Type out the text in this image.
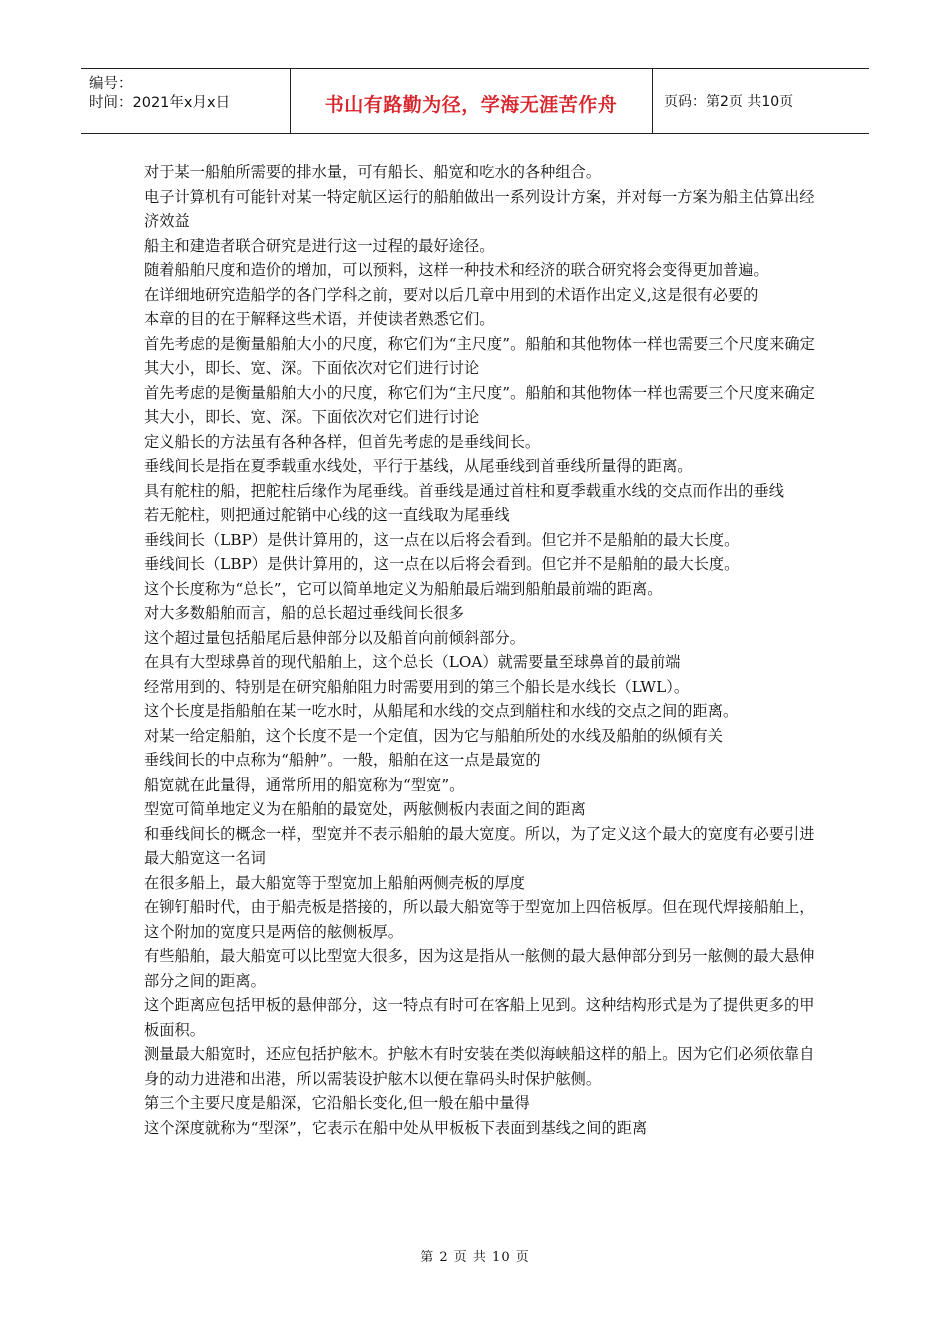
编号：
时间：2021年x月x日	书山有路勤为径，学海无涯苦作舟	页码：第2页 共10页

对于某一船舶所需要的排水量，可有船长、船宽和吃水的各种组合。

电子计算机有可能针对某一特定航区运行的船舶做出一系列设计方案，并对每一方案为船主估算出经济效益

船主和建造者联合研究是进行这一过程的最好途径。

随着船舶尺度和造价的增加，可以预料，这样一种技术和经济的联合研究将会变得更加普遍。

在详细地研究造船学的各门学科之前，要对以后几章中用到的术语作出定义,这是很有必要的

本章的目的在于解释这些术语，并使读者熟悉它们。

首先考虑的是衡量船舶大小的尺度，称它们为“主尺度”。船舶和其他物体一样也需要三个尺度来确定其大小，即长、宽、深。下面依次对它们进行讨论

首先考虑的是衡量船舶大小的尺度，称它们为“主尺度”。船舶和其他物体一样也需要三个尺度来确定其大小，即长、宽、深。下面依次对它们进行讨论

定义船长的方法虽有各种各样，但首先考虑的是垂线间长。

垂线间长是指在夏季载重水线处，平行于基线，从尾垂线到首垂线所量得的距离。

具有舵柱的船，把舵柱后缘作为尾垂线。首垂线是通过首柱和夏季载重水线的交点而作出的垂线

若无舵柱，则把通过舵销中心线的这一直线取为尾垂线

垂线间长（LBP）是供计算用的，这一点在以后将会看到。但它并不是船舶的最大长度。

垂线间长（LBP）是供计算用的，这一点在以后将会看到。但它并不是船舶的最大长度。

这个长度称为“总长”，它可以简单地定义为船舶最后端到船舶最前端的距离。

对大多数船舶而言，船的总长超过垂线间长很多

这个超过量包括船尾后悬伸部分以及船首向前倾斜部分。

在具有大型球鼻首的现代船舶上，这个总长（LOA）就需要量至球鼻首的最前端

经常用到的、特别是在研究船舶阻力时需要用到的第三个船长是水线长（LWL）。

这个长度是指船舶在某一吃水时，从船尾和水线的交点到艏柱和水线的交点之间的距离。

对某一给定船舶，这个长度不是一个定值，因为它与船舶所处的水线及船舶的纵倾有关

垂线间长的中点称为“船舯”。一般，船舶在这一点是最宽的

船宽就在此量得，通常所用的船宽称为“型宽”。

型宽可简单地定义为在船舶的最宽处，两舷侧板内表面之间的距离

和垂线间长的概念一样，型宽并不表示船舶的最大宽度。所以，为了定义这个最大的宽度有必要引进最大船宽这一名词

在很多船上，最大船宽等于型宽加上船舶两侧壳板的厚度

在铆钉船时代，由于船壳板是搭接的，所以最大船宽等于型宽加上四倍板厚。但在现代焊接船舶上，这个附加的宽度只是两倍的舷侧板厚。

有些船舶，最大船宽可以比型宽大很多，因为这是指从一舷侧的最大悬伸部分到另一舷侧的最大悬伸部分之间的距离。

这个距离应包括甲板的悬伸部分，这一特点有时可在客船上见到。这种结构形式是为了提供更多的甲板面积。

测量最大船宽时，还应包括护舷木。护舷木有时安装在类似海峡船这样的船上。因为它们必须依靠自身的动力进港和出港，所以需装设护舷木以便在靠码头时保护舷侧。

第三个主要尺度是船深，它沿船长变化,但一般在船中量得

这个深度就称为“型深”，它表示在船中处从甲板板下表面到基线之间的距离

第 2 页 共 10 页
